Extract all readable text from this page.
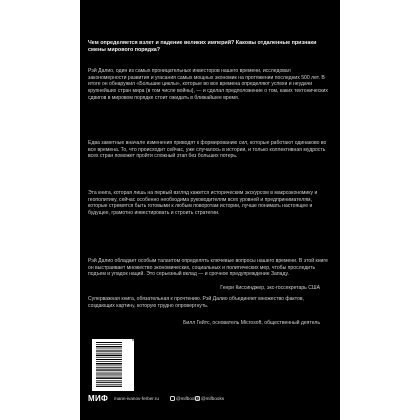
Чем определяется взлет и падение великих империй? Каковы отдаленные признаки смены мирового порядка?

Рэй Далио, один из самых проницательных инвесторов нашего времени, исследовал закономерности развития и угасания самых мощных экономик на протяжении последних 500 лет. В итоге он обнаружил «Большие циклы», которые во все времена определяют успехи и неудачи крупнейших стран мира (в том числе войны), — и сделал предположение о том, каких тектонических сдвигов в мировом порядке стоит ожидать в ближайшее время.

Едва заметные вначале изменения приводят к формированию сил, которые работают одинаково во все времена. То, что происходит сейчас, уже случалось в истории, и только коллективная мудрость всех стран поможет пройти сложный этап без больших потерь.

Эта книга, которая лишь на первый взгляд кажется историческим экскурсом в макроэкономику и геополитику, сейчас особенно необходима руководителям всех уровней и предпринимателям, которые стремятся быть готовыми к любым поворотам истории, лучше понимать настоящее и будущее, грамотно инвестировать и строить стратегии.

Рэй Далио обладает особым талантом определять ключевые вопросы нашего времени. В этой книге он выстраивает множество экономических, социальных и политических мер, чтобы проследить подъем и упадок наций. Это серьезный вклад — и срочное предупреждение Западу.

Генри Киссинджер, экс-госсекретарь США

Суперважная книга, обязательная к прочтению. Рэй Далио объединяет множество фактов, создающих картину, которую трудно опровергнуть.

Билл Гейтс, основатель Microsoft, общественный деятель

9 785001 953335
МИФ mann-ivanov-ferber.ru	@mifbooks @mifbooks
